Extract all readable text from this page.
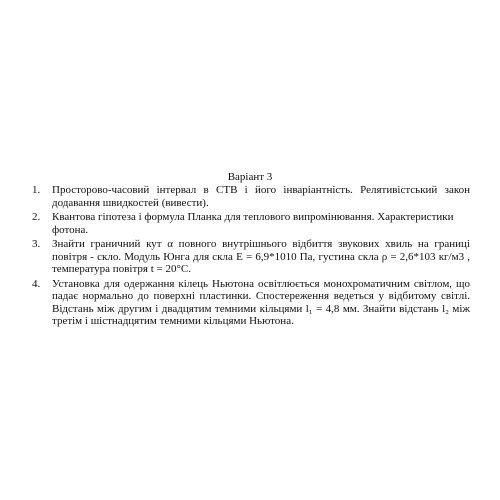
Варіант 3
1. Просторово-часовий інтервал в СТВ і його інваріантність. Релятивістський закон
додавання швидкостей (вивести).
2. Квантова гіпотеза і формула Планка для теплового випромінювання. Характеристики
фотона.
3. Знайти граничний кут α повного внутрішнього відбиття звукових хвиль на границі
повітря - скло. Модуль Юнга для скла E = 6,9*1010 Па, густина скла ρ = 2,6*103 кг/м3 ,
температура повітря t = 20°C.
4. Установка для одержання кілець Ньютона освітлюється монохроматичним світлом, що
падає нормально до поверхні пластинки. Спостереження ведеться у відбитому світлі.
Відстань між другим і двадцятим темними кільцями l₁ = 4,8 мм. Знайти відстань l₂ між
третім і шістнадцятим темними кільцями Ньютона.
